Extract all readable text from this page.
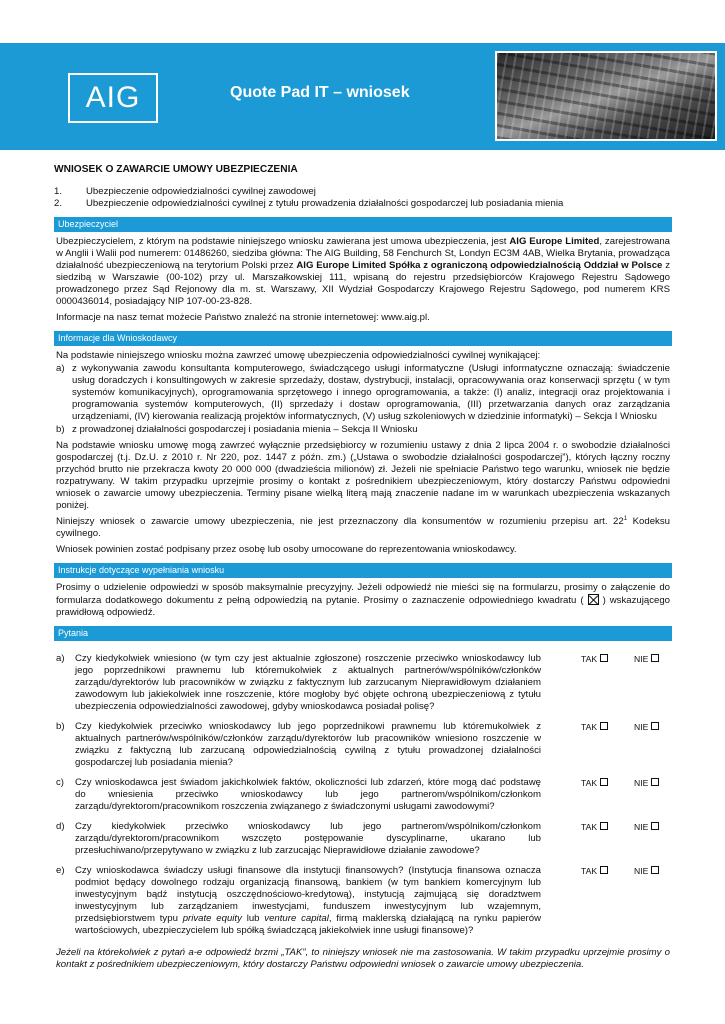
AIG	Quote Pad IT – wniosek
WNIOSEK O ZAWARCIE UMOWY UBEZPIECZENIA
1.	Ubezpieczenie odpowiedzialności cywilnej zawodowej
2.	Ubezpieczenie odpowiedzialności cywilnej z tytułu prowadzenia działalności gospodarczej lub posiadania mienia
Ubezpieczyciel

Ubezpieczycielem, z którym na podstawie niniejszego wniosku zawierana jest umowa ubezpieczenia, jest AIG Europe Limited, zarejestrowana w Anglii i Walii pod numerem: 01486260, siedziba główna: The AIG Building, 58 Fenchurch St, Londyn EC3M 4AB, Wielka Brytania, prowadząca działalność ubezpieczeniową na terytorium Polski przez AIG Europe Limited Spółka z ograniczoną odpowiedzialnością Oddział w Polsce z siedzibą w Warszawie (00-102) przy ul. Marszałkowskiej 111, wpisaną do rejestru przedsiębiorców Krajowego Rejestru Sądowego prowadzonego przez Sąd Rejonowy dla m. st. Warszawy, XII Wydział Gospodarczy Krajowego Rejestru Sądowego, pod numerem KRS 0000436014, posiadający NIP 107-00-23-828.

Informacje na nasz temat możecie Państwo znaleźć na stronie internetowej: www.aig.pl.

Informacje dla Wnioskodawcy

Na podstawie niniejszego wniosku można zawrzeć umowę ubezpieczenia odpowiedzialności cywilnej wynikającej:

a) z wykonywania zawodu konsultanta komputerowego, świadczącego usługi informatyczne (Usługi informatyczne oznaczają: świadczenie usług doradczych i konsultingowych w zakresie sprzedaży, dostaw, dystrybucji, instalacji, opracowywania oraz konserwacji sprzętu ( w tym systemów komunikacyjnych), oprogramowania sprzętowego i innego oprogramowania, a także: (I) analiz, integracji oraz projektowania i programowania systemów komputerowych, (II) sprzedaży i dostaw oprogramowania, (III) przetwarzania danych oraz zarządzania urządzeniami, (IV) kierowania realizacją projektów informatycznych, (V) usług szkoleniowych w dziedzinie informatyki) – Sekcja I Wniosku
b) z prowadzonej działalności gospodarczej i posiadania mienia – Sekcja II Wniosku

Na podstawie wniosku umowę mogą zawrzeć wyłącznie przedsiębiorcy w rozumieniu ustawy z dnia 2 lipca 2004 r. o swobodzie działalności gospodarczej (t.j. Dz.U. z 2010 r. Nr 220, poz. 1447 z późn. zm.) („Ustawa o swobodzie działalności gospodarczej”), których łączny roczny przychód brutto nie przekracza kwoty 20 000 000 (dwadzieścia milionów) zł. Jeżeli nie spełniacie Państwo tego warunku, wniosek nie będzie rozpatrywany. W takim przypadku uprzejmie prosimy o kontakt z pośrednikiem ubezpieczeniowym, który dostarczy Państwu odpowiedni wniosek o zawarcie umowy ubezpieczenia. Terminy pisane wielką literą mają znaczenie nadane im w warunkach ubezpieczenia wskazanych poniżej.

Niniejszy wniosek o zawarcie umowy ubezpieczenia, nie jest przeznaczony dla konsumentów w rozumieniu przepisu art. $22^1$ Kodeksu cywilnego.

Wniosek powinien zostać podpisany przez osobę lub osoby umocowane do reprezentowania wnioskodawcy.

Instrukcje dotyczące wypełniania wniosku

Prosimy o udzielenie odpowiedzi w sposób maksymalnie precyzyjny. Jeżeli odpowiedź nie mieści się na formularzu, prosimy o załączenie do formularza dodatkowego dokumentu z pełną odpowiedzią na pytanie. Prosimy o zaznaczenie odpowiedniego kwadratu ( ) wskazującego prawidłową odpowiedź.

Pytania
a)	Czy kiedykolwiek wniesiono (w tym czy jest aktualnie zgłoszone) roszczenie przeciwko wnioskodawcy lub jego poprzednikowi prawnemu lub któremukolwiek z aktualnych partnerów/wspólników/członków zarządu/dyrektorów lub pracowników w związku z faktycznym lub zarzucanym Nieprawidłowym działaniem zawodowym lub jakiekolwiek inne roszczenie, które mogłoby być objęte ochroną ubezpieczeniową z tytułu ubezpieczenia odpowiedzialności zawodowej, gdyby wnioskodawca posiadał polisę?
TAK	NIE
b)	Czy kiedykolwiek przeciwko wnioskodawcy lub jego poprzednikowi prawnemu lub któremukolwiek z aktualnych partnerów/wspólników/członków zarządu/dyrektorów lub pracowników wniesiono roszczenie w związku z faktyczną lub zarzucaną odpowiedzialnością cywilną z tytułu prowadzonej działalności gospodarczej lub posiadania mienia?
TAK	NIE
c)	Czy wnioskodawca jest świadom jakichkolwiek faktów, okoliczności lub zdarzeń, które mogą dać podstawę do wniesienia przeciwko wnioskodawcy lub jego partnerom/wspólnikom/członkom zarządu/dyrektorom/pracownikom roszczenia związanego z świadczonymi usługami zawodowymi?
TAK	NIE
d)	Czy kiedykolwiek przeciwko wnioskodawcy lub jego partnerom/wspólnikom/członkom zarządu/dyrektorom/pracownikom wszczęto postępowanie dyscyplinarne, ukarano lub przesłuchiwano/przepytywano w związku z lub zarzucając Nieprawidłowe działanie zawodowe?
TAK	NIE
e)	Czy wnioskodawca świadczy usługi finansowe dla instytucji finansowych? (Instytucja finansowa oznacza podmiot będący dowolnego rodzaju organizacją finansową, bankiem (w tym bankiem komercyjnym lub inwestycyjnym bądź instytucją oszczędnościowo-kredytową), instytucją zajmującą się doradztwem inwestycyjnym lub zarządzaniem inwestycjami, funduszem inwestycyjnym lub wzajemnym, przedsiębiorstwem typu private equity lub venture capital, firmą maklerską działającą na rynku papierów wartościowych, ubezpieczycielem lub spółką świadczącą jakiekolwiek inne usługi finansowe)?
TAK	NIE

Jeżeli na którekolwiek z pytań a-e odpowiedź brzmi „TAK”, to niniejszy wniosek nie ma zastosowania. W takim przypadku uprzejmie prosimy o kontakt z pośrednikiem ubezpieczeniowym, który dostarczy Państwu odpowiedni wniosek o zawarcie umowy ubezpieczenia.
